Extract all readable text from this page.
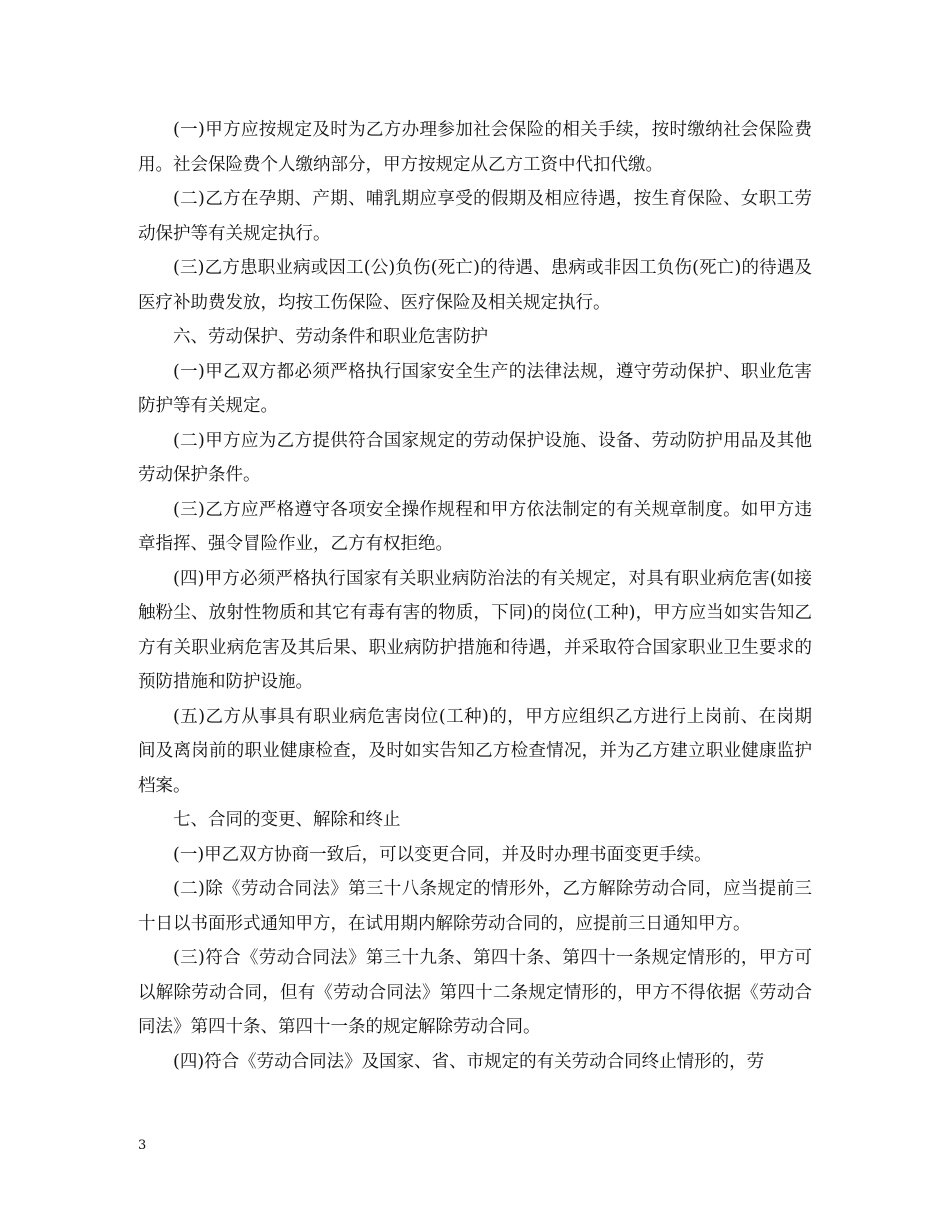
(一)甲方应按规定及时为乙方办理参加社会保险的相关手续，按时缴纳社会保险费用。社会保险费个人缴纳部分，甲方按规定从乙方工资中代扣代缴。

(二)乙方在孕期、产期、哺乳期应享受的假期及相应待遇，按生育保险、女职工劳动保护等有关规定执行。

(三)乙方患职业病或因工(公)负伤(死亡)的待遇、患病或非因工负伤(死亡)的待遇及医疗补助费发放，均按工伤保险、医疗保险及相关规定执行。

六、劳动保护、劳动条件和职业危害防护

(一)甲乙双方都必须严格执行国家安全生产的法律法规，遵守劳动保护、职业危害防护等有关规定。

(二)甲方应为乙方提供符合国家规定的劳动保护设施、设备、劳动防护用品及其他劳动保护条件。

(三)乙方应严格遵守各项安全操作规程和甲方依法制定的有关规章制度。如甲方违章指挥、强令冒险作业，乙方有权拒绝。

(四)甲方必须严格执行国家有关职业病防治法的有关规定，对具有职业病危害(如接触粉尘、放射性物质和其它有毒有害的物质，下同)的岗位(工种)，甲方应当如实告知乙方有关职业病危害及其后果、职业病防护措施和待遇，并采取符合国家职业卫生要求的预防措施和防护设施。

(五)乙方从事具有职业病危害岗位(工种)的，甲方应组织乙方进行上岗前、在岗期间及离岗前的职业健康检查，及时如实告知乙方检查情况，并为乙方建立职业健康监护档案。

七、合同的变更、解除和终止

(一)甲乙双方协商一致后，可以变更合同，并及时办理书面变更手续。

(二)除《劳动合同法》第三十八条规定的情形外，乙方解除劳动合同，应当提前三十日以书面形式通知甲方，在试用期内解除劳动合同的，应提前三日通知甲方。

(三)符合《劳动合同法》第三十九条、第四十条、第四十一条规定情形的，甲方可以解除劳动合同，但有《劳动合同法》第四十二条规定情形的，甲方不得依据《劳动合同法》第四十条、第四十一条的规定解除劳动合同。

(四)符合《劳动合同法》及国家、省、市规定的有关劳动合同终止情形的，劳

3
